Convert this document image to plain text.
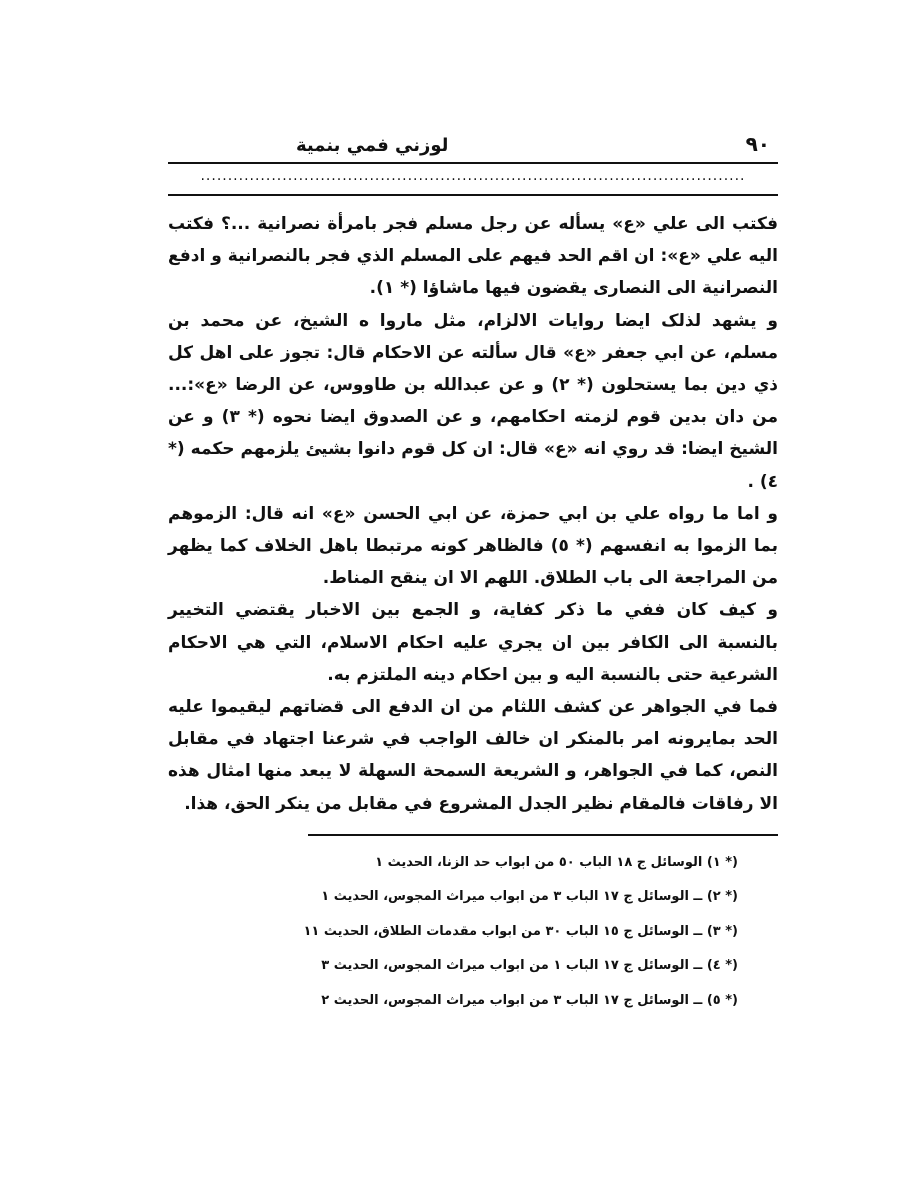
٩٠
لوزني فمي بنمية
....................................................................................................

فكتب الى علي «ع» يسأله عن رجل مسلم فجر بامرأة نصرانية ...؟ فكتب اليه علي «ع»: ان اقم الحد فيهم على المسلم الذي فجر بالنصرانية و ادفع النصرانية الى النصارى يقضون فيها ماشاؤا (* ١).

و يشهد لذلک ايضا روايات الالزام، مثل ماروا ه الشيخ، عن محمد بن مسلم، عن ابي جعفر «ع» قال سألته عن الاحكام قال: تجوز على اهل كل ذي دين بما يستحلون (* ٢) و عن عبدالله بن طاووس، عن الرضا «ع»:... من دان بدين قوم لزمته احكامهم، و عن الصدوق ايضا نحوه (* ٣) و عن الشيخ ايضا: قد روي انه «ع» قال: ان كل قوم دانوا بشيئ يلزمهم حكمه (* ٤) .

و اما ما رواه علي بن ابي حمزة، عن ابي الحسن «ع» انه قال: الزموهم بما الزموا به انفسهم (* ٥) فالظاهر كونه مرتبطا باهل الخلاف كما يظهر من المراجعة الى باب الطلاق. اللهم الا ان ينقح المناط.

و كيف كان ففي ما ذكر كفاية، و الجمع بين الاخبار يقتضي التخيير بالنسبة الى الكافر بين ان يجري عليه احكام الاسلام، التي هي الاحكام الشرعية حتى بالنسبة اليه و بين احكام دينه الملتزم به.

فما في الجواهر عن كشف اللثام من ان الدفع الى قضاتهم ليقيموا عليه الحد بمايرونه امر بالمنكر ان خالف الواجب في شرعنا اجتهاد في مقابل النص، كما في الجواهر، و الشريعة السمحة السهلة لا يبعد منها امثال هذه الا رفاقات فالمقام نظير الجدل المشروع في مقابل من ينكر الحق، هذا.

(* ١) الوسائل ج ١٨ الباب ٥٠ من ابواب حد الزنا، الحديث ١
(* ٢) ــ الوسائل ج ١٧ الباب ٣ من ابواب ميراث المجوس، الحديث ١
(* ٣) ــ الوسائل ج ١٥ الباب ٣٠ من ابواب مقدمات الطلاق، الحديث ١١
(* ٤) ــ الوسائل ج ١٧ الباب ١ من ابواب ميراث المجوس، الحديث ٣
(* ٥) ــ الوسائل ج ١٧ الباب ٣ من ابواب ميراث المجوس، الحديث ٢
